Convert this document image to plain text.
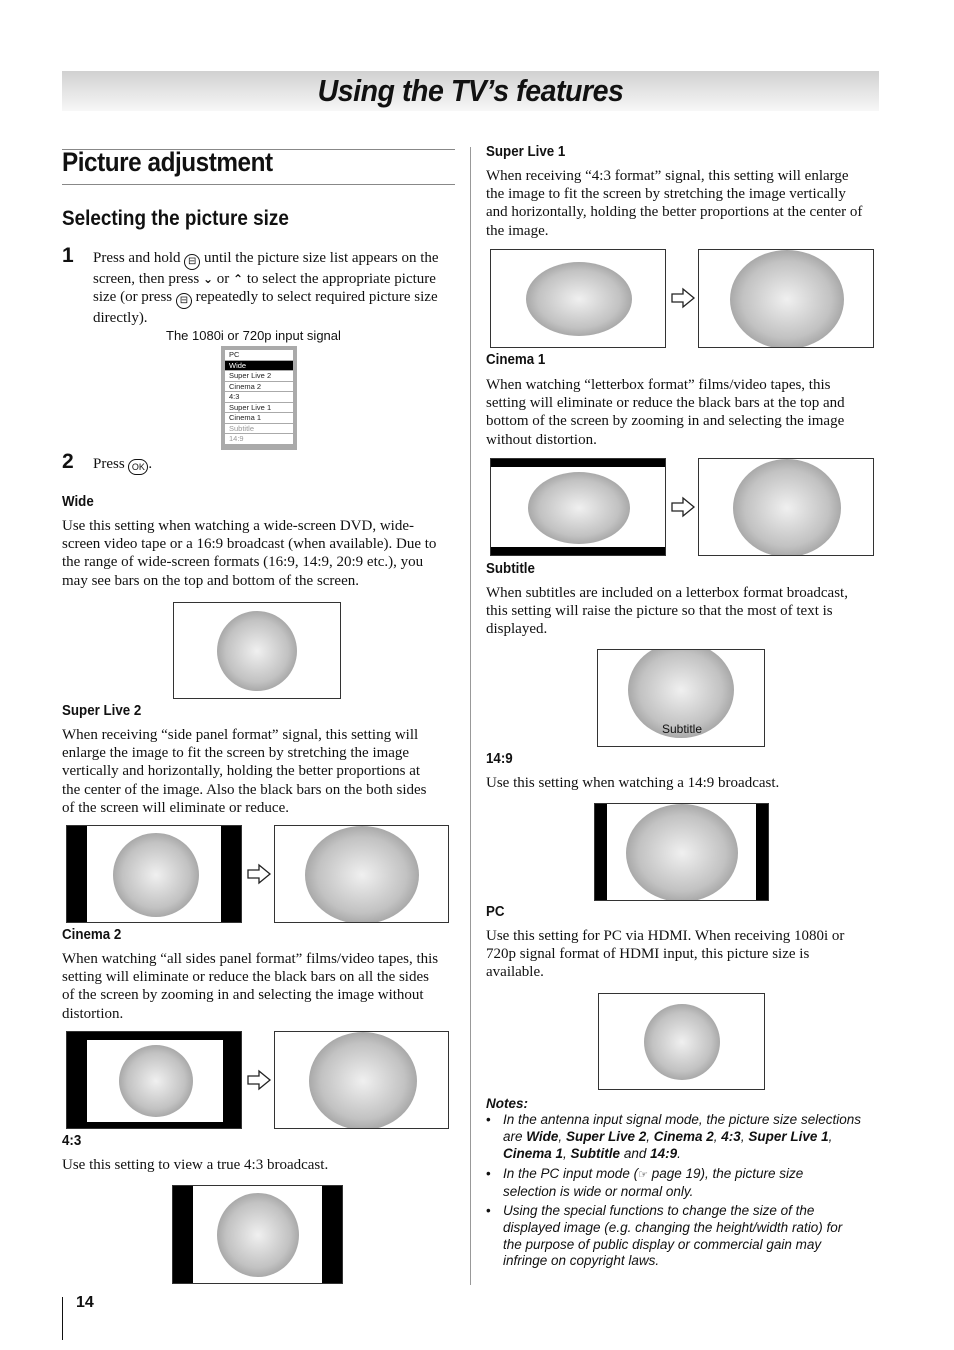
Using the TV’s features
Picture adjustment
Selecting the picture size
1 Press and hold ⊟ until the picture size list appears on the
screen, then press ⌄ or ⌃ to select the appropriate picture
size (or press ⊟ repeatedly to select required picture size
directly).
The 1080i or 720p input signal
PC
Wide
Super Live 2
Cinema 2
4:3
Super Live 1
Cinema 1
Subtitle
14:9
2 Press OK .
Wide
Use this setting when watching a wide-screen DVD, wide-
screen video tape or a 16:9 broadcast (when available). Due to
the range of wide-screen formats (16:9, 14:9, 20:9 etc.), you
may see bars on the top and bottom of the screen.
Super Live 2
When receiving “side panel format” signal, this setting will
enlarge the image to fit the screen by stretching the image
vertically and horizontally, holding the better proportions at
the center of the image. Also the black bars on the both sides
of the screen will eliminate or reduce.
Cinema 2
When watching “all sides panel format” films/video tapes, this
setting will eliminate or reduce the black bars on all the sides
of the screen by zooming in and selecting the image without
distortion.
4:3
Use this setting to view a true 4:3 broadcast.
Super Live 1
When receiving “4:3 format” signal, this setting will enlarge
the image to fit the screen by stretching the image vertically
and horizontally, holding the better proportions at the center of
the image.
Cinema 1
When watching “letterbox format” films/video tapes, this
setting will eliminate or reduce the black bars at the top and
bottom of the screen by zooming in and selecting the image
without distortion.
Subtitle
When subtitles are included on a letterbox format broadcast,
this setting will raise the picture so that the most of text is
displayed.
Subtitle
14:9
Use this setting when watching a 14:9 broadcast.
PC
Use this setting for PC via HDMI. When receiving 1080i or
720p signal format of HDMI input, this picture size is
available.
Notes:
• In the antenna input signal mode, the picture size selections
are Wide, Super Live 2, Cinema 2, 4:3, Super Live 1,
Cinema 1, Subtitle and 14:9.
• In the PC input mode (☞ page 19), the picture size
selection is wide or normal only.
• Using the special functions to change the size of the
displayed image (e.g. changing the height/width ratio) for
the purpose of public display or commercial gain may
infringe on copyright laws.
14
